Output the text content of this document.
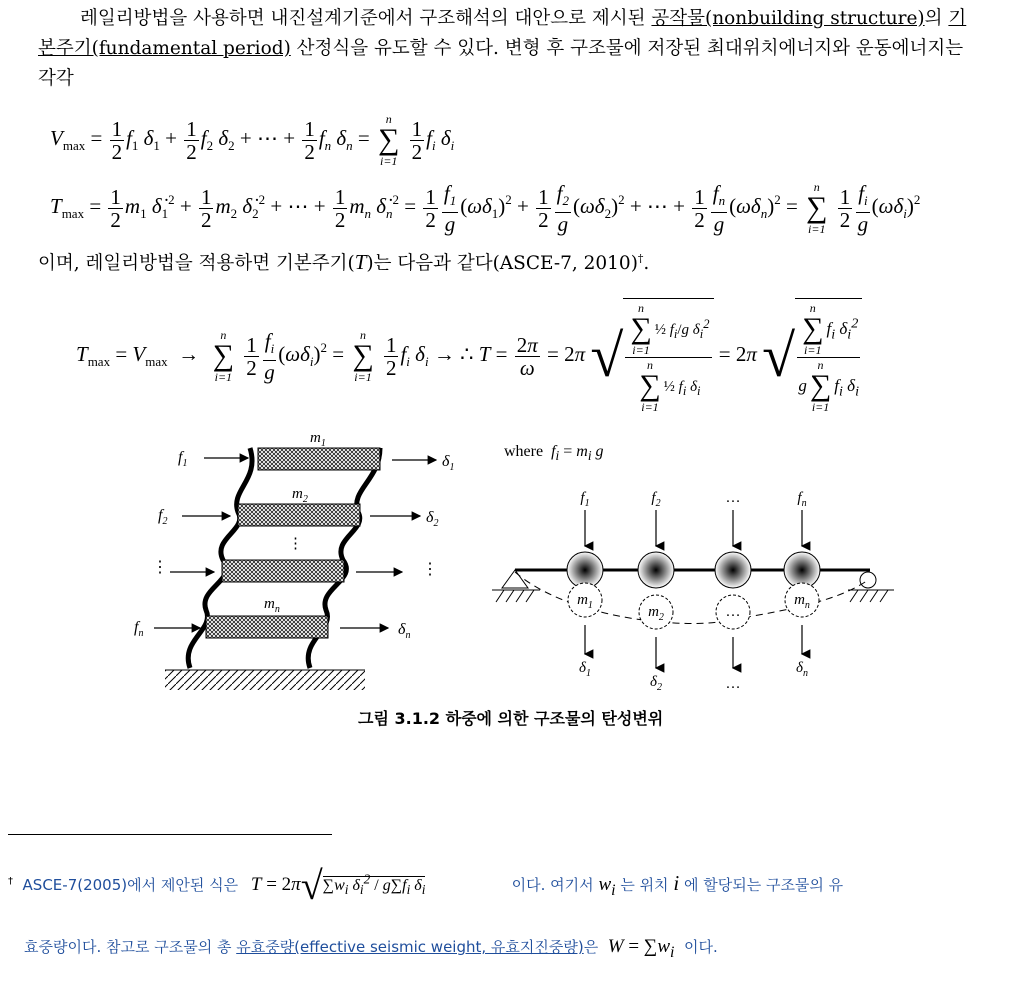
레일리방법을 사용하면 내진설계기준에서 구조해석의 대안으로 제시된 공작물(nonbuilding structure)의 기
본주기(fundamental period) 산정식을 유도할 수 있다. 변형 후 구조물에 저장된 최대위치에너지와 운동에너지는
각각
$V_{max} = \frac{1}{2} f_1$ $\delta_1 + \frac{1}{2} f_2$ $\delta_2$ + ⋯ + $\frac{1}{2} f_n$ $\delta_n$ =
n
∑
i=1
$\frac{1}{2} f_i$ $\delta_i$
$T_{max} = \frac{1}{2} m_1$ $\deltȧ_1^2 + \frac{1}{2} m_2$ $\deltȧ_2^2$ + ⋯ + $\frac{1}{2} m_n$ $\deltȧ_n^2 = \frac{1}{2} \frac{f_1}{g} (\omega\delta_1)^2 + \frac{1}{2} \frac{f_2}{g} (\omega\delta_2)^2$ + ⋯ + $\frac{1}{2} \frac{f_n}{g} (\omega\delta_n)^2$ =
n
∑
i=1
$\frac{1}{2} \frac{f_i}{g} (\omega\delta_i)^2$
이며, 레일리방법을 적용하면 기본주기(T)는 다음과 같다(ASCE-7, 2010)†.
$T_{max} = V_{max}$  →
n
∑
i=1
$\frac{1}{2} \frac{f_i}{g} (\omega\delta_i)^2$ =
n
∑
i=1
$\frac{1}{2} f_i$ $\delta_i$ → ∴ $T = \frac{2\pi}{\omega} = 2\pi$ √ n
∑
i=1
½ $f_i/g$ $\delta_i^2$
n
∑
i=1
½ $f_i$ $\delta_i = 2\pi$ √ n
∑
i=1
$f_i$ $\delta_i^2$
g
n
∑
i=1
$f_i$ $\delta_i$
$m_1$
$m_2$
⋮
$m_n$
$f_1$
$f_2$
⋮
$f_n$
$\delta_1$
$\delta_2$
⋮
$\delta_n$
where $f_i = m_i$ g
$f_1$	$f_2$	…	$f_n$
$m_1$	$m_2$	…
$m_n$
$\delta_1$
$\delta_2$	…
$\delta_n$
그림 3.1.2 하중에 의한 구조물의 탄성변위
† ASCE-7(2005)에서 제안된 식은 $T = 2\pi√\sum w_i$ $\delta_i^2 / g\sum f_i$ $\delta_i$	이다. 여기서 $w_i$ 는 위치 i 에 할당되는 구조물의 유
효중량이다. 참고로 구조물의 총 유효중량(effective seismic weight, 유효지진중량)은 $W = \sum w_i$ 이다.
